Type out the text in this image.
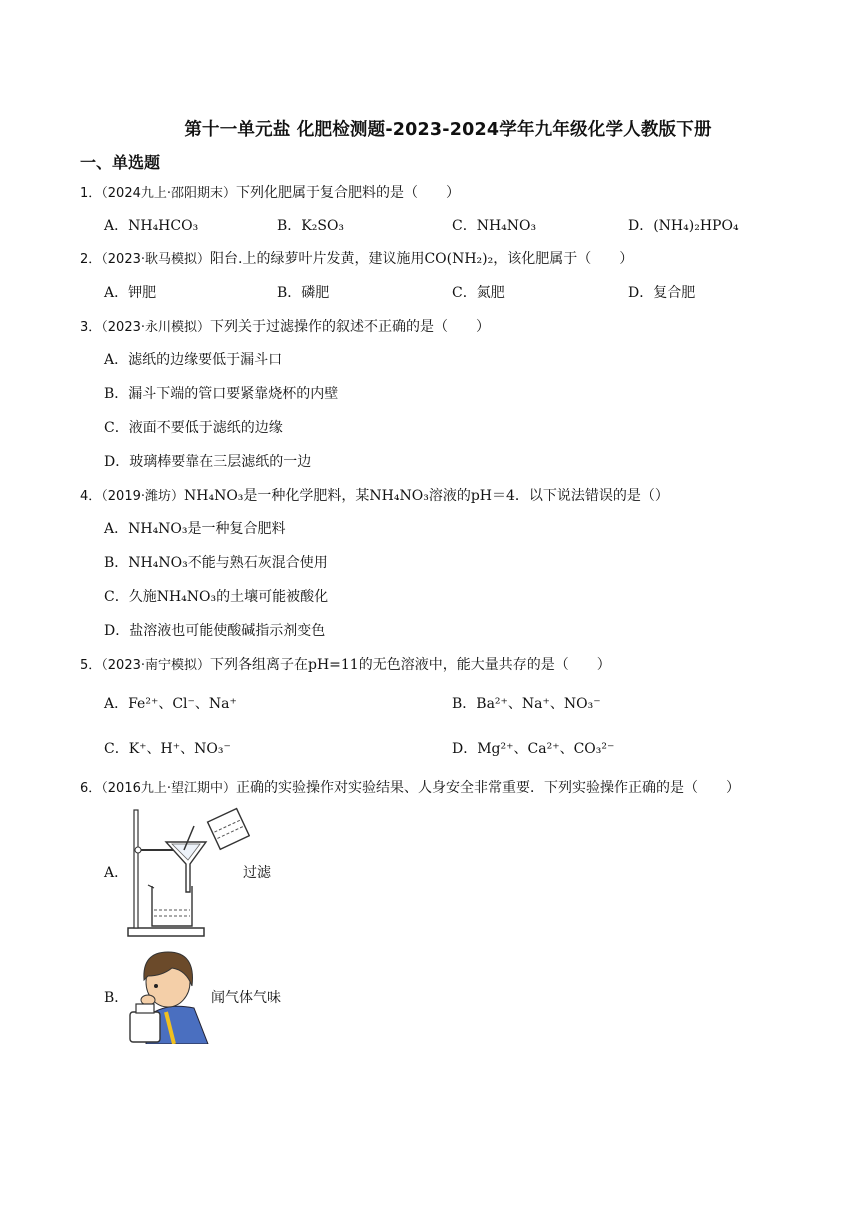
第十一单元盐 化肥检测题-2023-2024学年九年级化学人教版下册
一、单选题
1．（2024九上·邵阳期末）下列化肥属于复合肥料的是（　　）
A．NH₄HCO₃	B．K₂SO₃	C．NH₄NO₃	D．(NH₄)₂HPO₄
2．（2023·耿马模拟）阳台.上的绿萝叶片发黄，建议施用CO(NH₂)₂，该化肥属于（　　）
A．钾肥	B．磷肥	C．氮肥	D．复合肥
3．（2023·永川模拟）下列关于过滤操作的叙述不正确的是（　　）
A．滤纸的边缘要低于漏斗口
B．漏斗下端的管口要紧靠烧杯的内壁
C．液面不要低于滤纸的边缘
D．玻璃棒要靠在三层滤纸的一边
4．（2019·潍坊）NH₄NO₃是一种化学肥料，某NH₄NO₃溶液的pH＝4．以下说法错误的是（）
A．NH₄NO₃是一种复合肥料
B．NH₄NO₃不能与熟石灰混合使用
C．久施NH₄NO₃的土壤可能被酸化
D．盐溶液也可能使酸碱指示剂变色
5．（2023·南宁模拟）下列各组离子在pH=11的无色溶液中，能大量共存的是（　　）
A．Fe²⁺、Cl⁻、Na⁺	B．Ba²⁺、Na⁺、NO₃⁻
C．K⁺、H⁺、NO₃⁻	D．Mg²⁺、Ca²⁺、CO₃²⁻
6．（2016九上·望江期中）正确的实验操作对实验结果、人身安全非常重要．下列实验操作正确的是（　　）
A．	过滤
B．	闻气体气味
